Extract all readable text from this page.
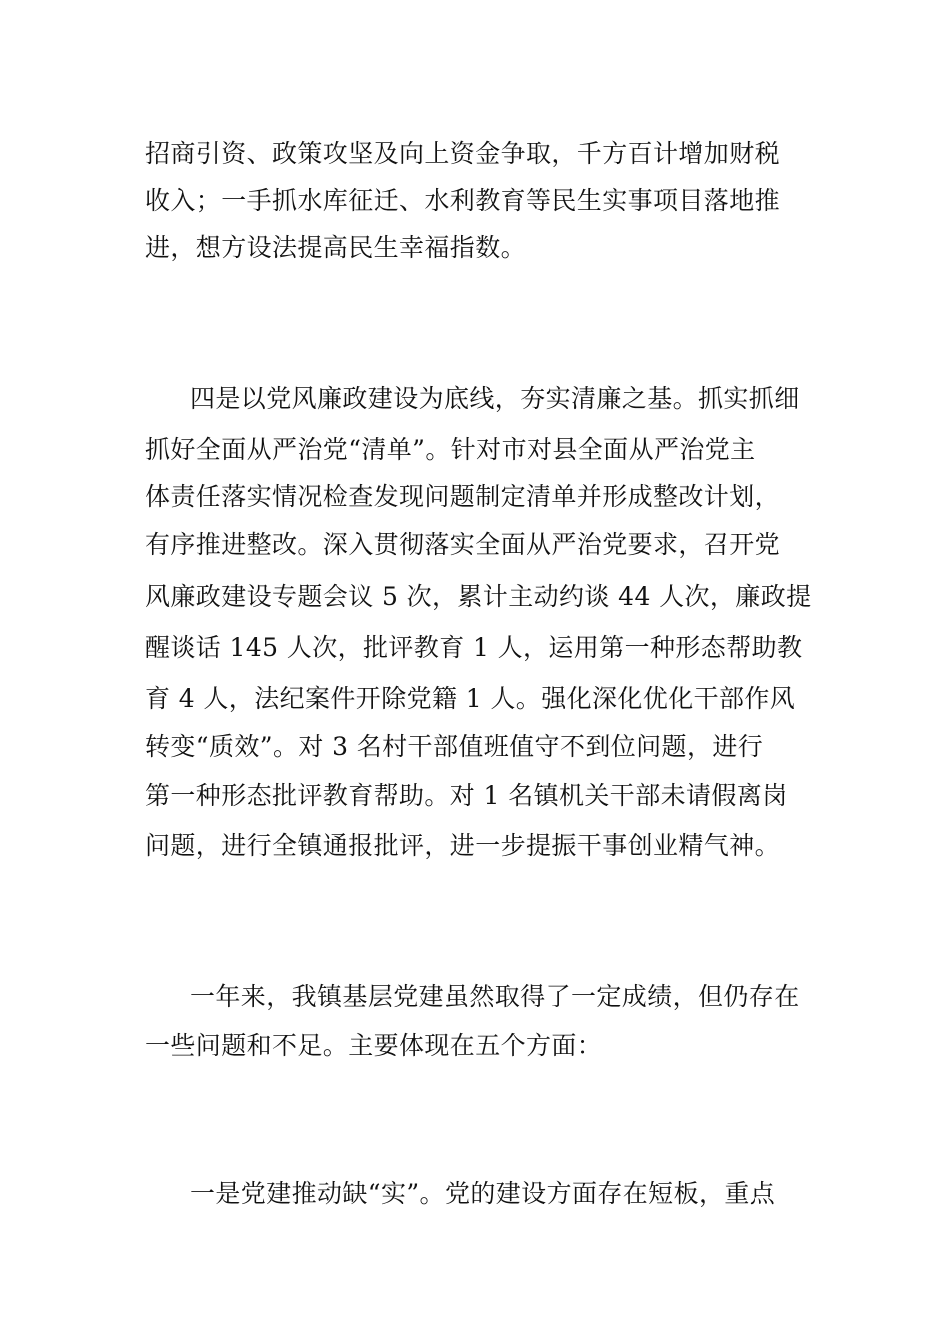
招商引资、政策攻坚及向上资金争取，千方百计增加财税
收入；一手抓水库征迁、水利教育等民生实事项目落地推
进，想方设法提高民生幸福指数。
四是以党风廉政建设为底线，夯实清廉之基。抓实抓细
抓好全面从严治党“清单”。针对市对县全面从严治党主
体责任落实情况检查发现问题制定清单并形成整改计划，
有序推进整改。深入贯彻落实全面从严治党要求，召开党
风廉政建设专题会议 5 次，累计主动约谈 44 人次，廉政提
醒谈话 145 人次，批评教育 1 人，运用第一种形态帮助教
育 4 人，法纪案件开除党籍 1 人。强化深化优化干部作风
转变“质效”。对 3 名村干部值班值守不到位问题，进行
第一种形态批评教育帮助。对 1 名镇机关干部未请假离岗
问题，进行全镇通报批评，进一步提振干事创业精气神。
一年来，我镇基层党建虽然取得了一定成绩，但仍存在
一些问题和不足。主要体现在五个方面：
一是党建推动缺“实”。党的建设方面存在短板，重点
